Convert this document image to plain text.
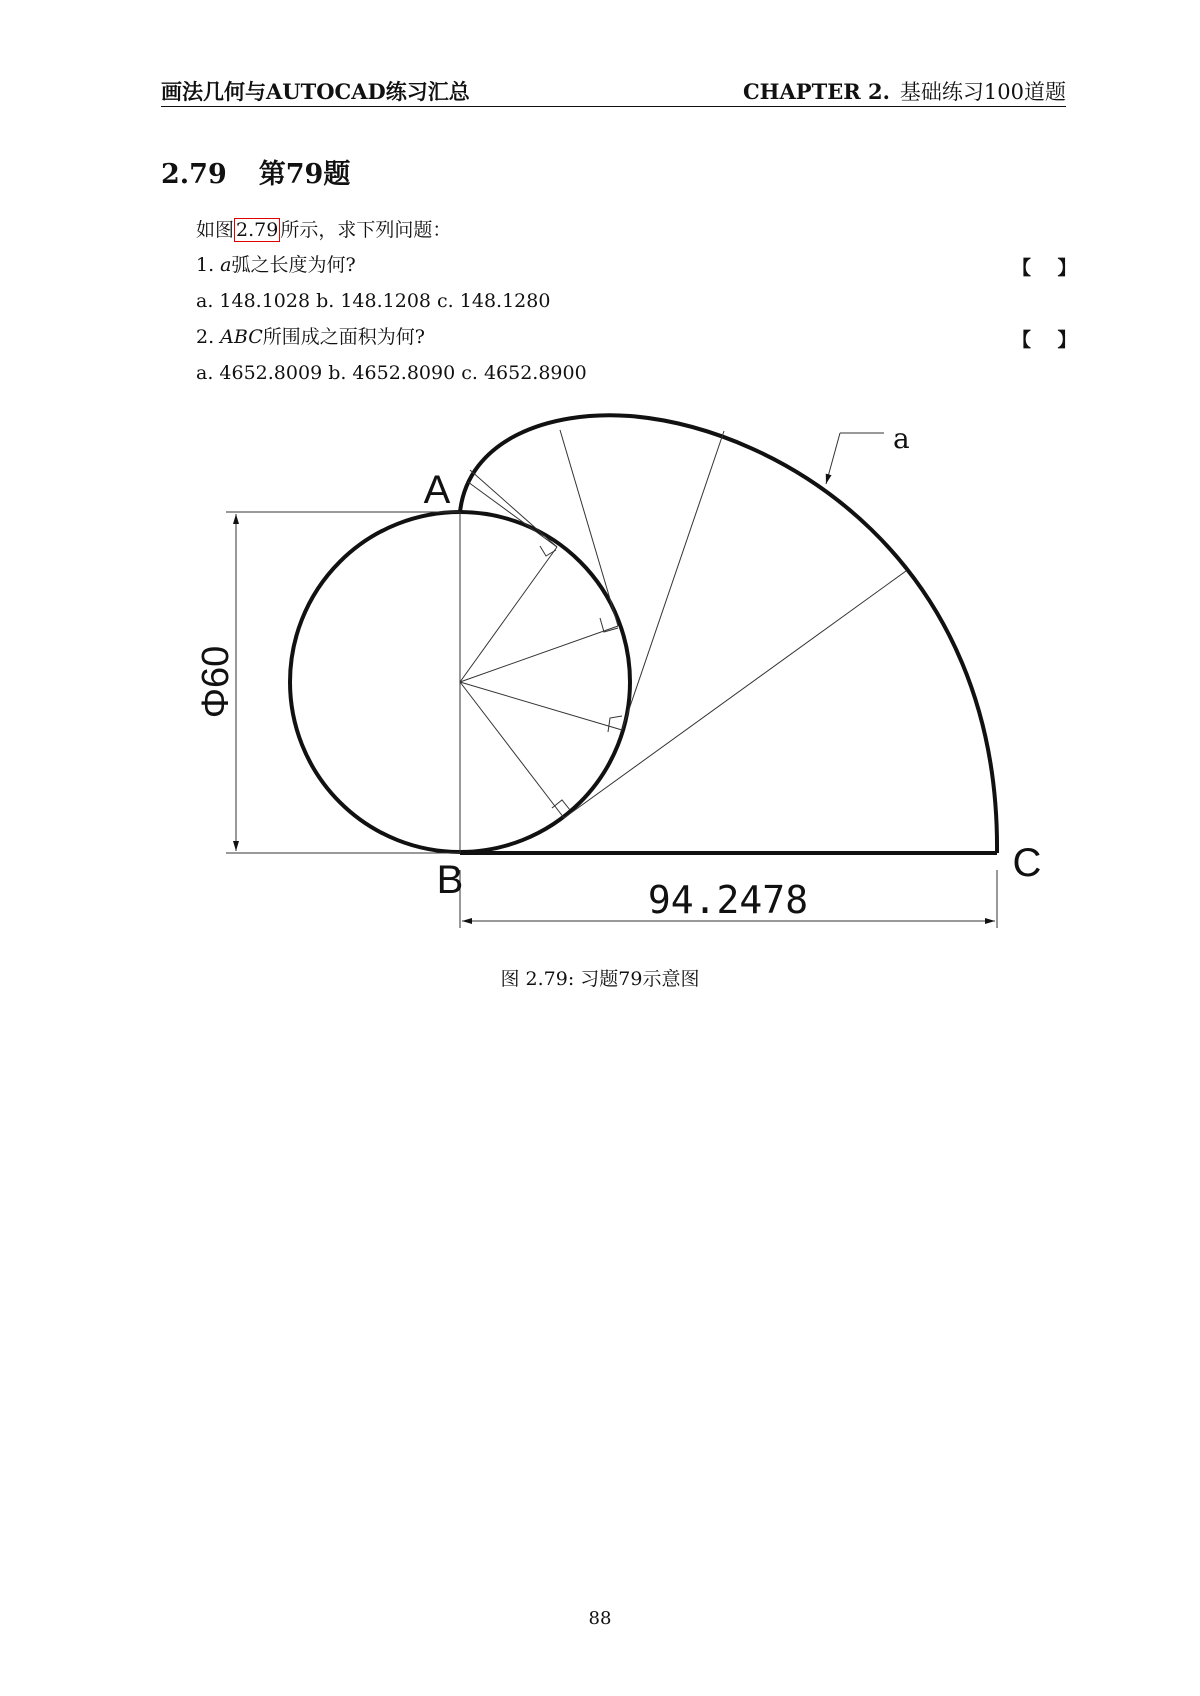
画法几何与AUTOCAD练习汇总	CHAPTER 2. 基础练习100道题
2.79 第79题
如图 2.79 所示，求下列问题：
1. a弧之长度为何?	【    】
a. 148.1028 b. 148.1208 c. 148.1280
2. ABC所围成之面积为何?	【    】
a. 4652.8009 b. 4652.8090 c. 4652.8900
Φ60
94.2478
a
A
B	C
图 2.79: 习题79示意图
88
